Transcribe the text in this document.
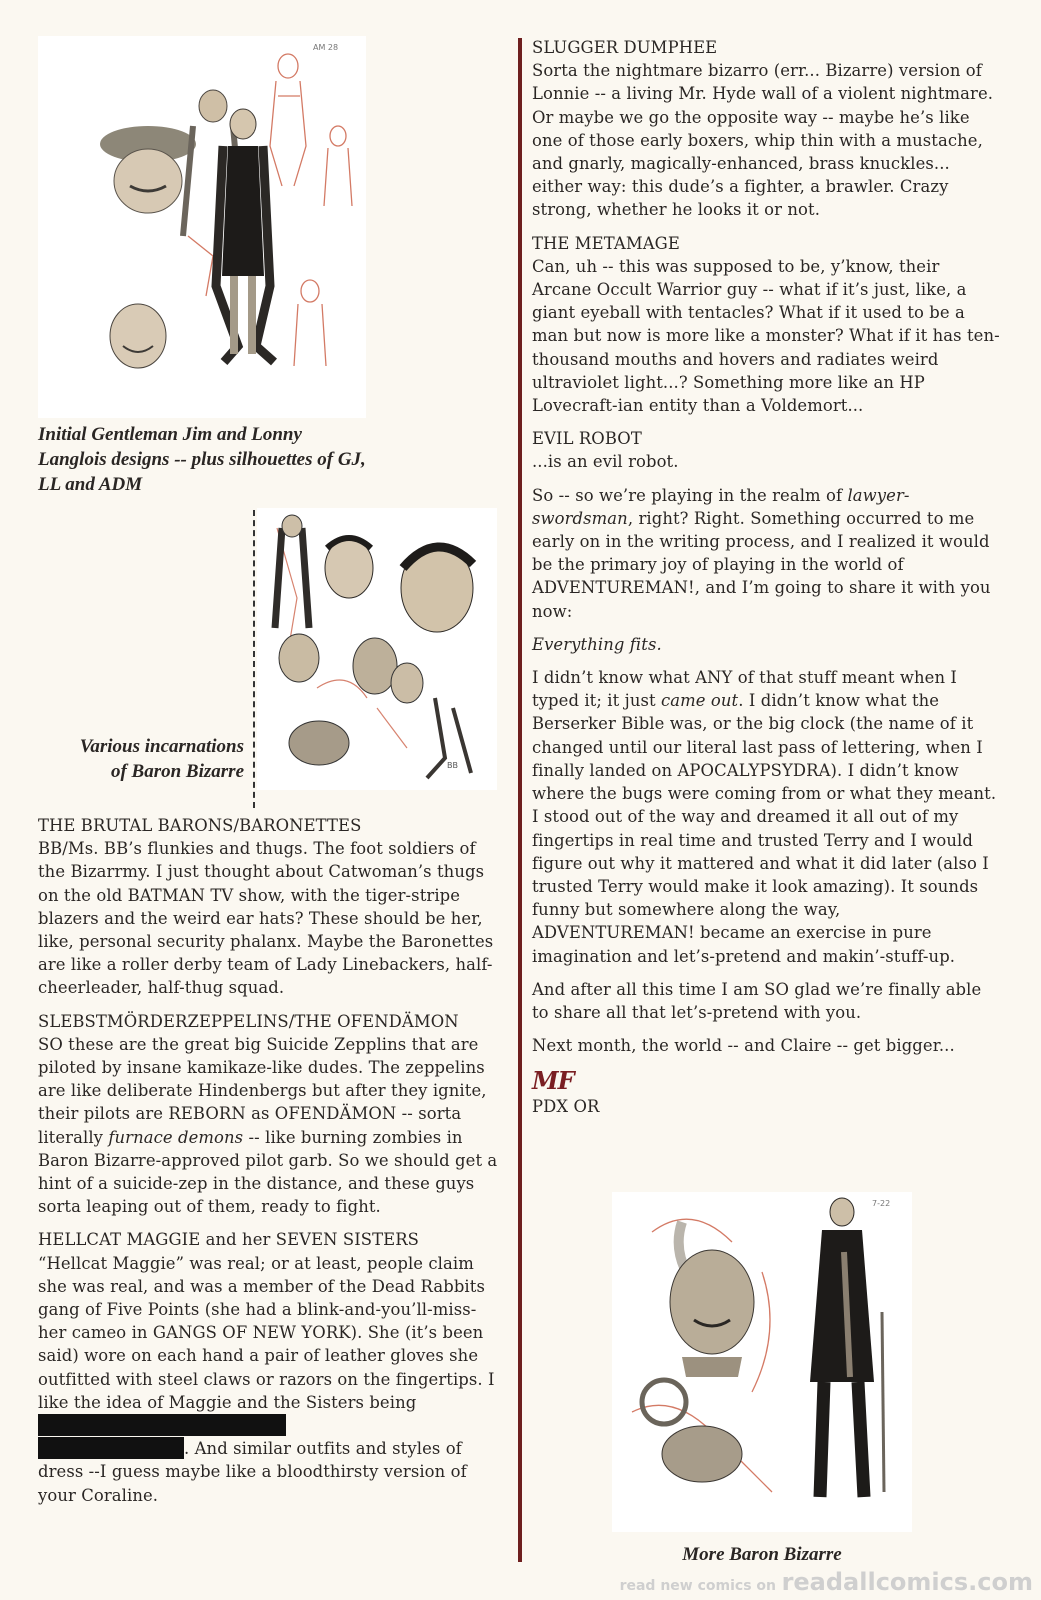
AM 28
Initial Gentleman Jim and Lonny Langlois designs -- plus silhouettes of GJ, LL and ADM
BB
Various incarnations
of Baron Bizarre

THE BRUTAL BARONS/BARONETTES

BB/Ms. BB’s flunkies and thugs. The foot soldiers of the Bizarrmy. I just thought about Catwoman’s thugs on the old BATMAN TV show, with the tiger-stripe blazers and the weird ear hats? These should be her, like, personal security phalanx. Maybe the Baronettes are like a roller derby team of Lady Linebackers, half-cheerleader, half-thug squad.

SLEBSTMÖRDERZEPPELINS/THE OFENDÄMON

SO these are the great big Suicide Zepplins that are piloted by insane kamikaze-like dudes. The zeppelins are like deliberate Hindenbergs but after they ignite, their pilots are REBORN as OFENDÄMON -- sorta literally furnace demons -- like burning zombies in Baron Bizarre-approved pilot garb. So we should get a hint of a suicide-zep in the distance, and these guys sorta leaping out of them, ready to fight.

HELLCAT MAGGIE and her SEVEN SISTERS

“Hellcat Maggie” was real; or at least, people claim she was real, and was a member of the Dead Rabbits gang of Five Points (she had a blink-and-you’ll-miss-her cameo in GANGS OF NEW YORK). She (it’s been said) wore on each hand a pair of leather gloves she outfitted with steel claws or razors on the fingertips. I like the idea of Maggie and the Sisters being
. And similar outfits and styles of dress --I guess maybe like a bloodthirsty version of your Coraline.

SLUGGER DUMPHEE

Sorta the nightmare bizarro (err... Bizarre) version of Lonnie -- a living Mr. Hyde wall of a violent nightmare. Or maybe we go the opposite way -- maybe he’s like one of those early boxers, whip thin with a mustache, and gnarly, magically-enhanced, brass knuckles... either way: this dude’s a fighter, a brawler. Crazy strong, whether he looks it or not.

THE METAMAGE

Can, uh -- this was supposed to be, y’know, their Arcane Occult Warrior guy -- what if it’s just, like, a giant eyeball with tentacles? What if it used to be a man but now is more like a monster? What if it has ten-thousand mouths and hovers and radiates weird ultraviolet light...? Something more like an HP Lovecraft-ian entity than a Voldemort...

EVIL ROBOT

...is an evil robot.

So -- so we’re playing in the realm of lawyer-swordsman, right? Right. Something occurred to me early on in the writing process, and I realized it would be the primary joy of playing in the world of ADVENTUREMAN!, and I’m going to share it with you now:

Everything fits.

I didn’t know what ANY of that stuff meant when I typed it; it just came out. I didn’t know what the Berserker Bible was, or the big clock (the name of it changed until our literal last pass of lettering, when I finally landed on APOCALYPSYDRA). I didn’t know where the bugs were coming from or what they meant. I stood out of the way and dreamed it all out of my fingertips in real time and trusted Terry and I would figure out why it mattered and what it did later (also I trusted Terry would make it look amazing). It sounds funny but somewhere along the way, ADVENTUREMAN! became an exercise in pure imagination and let’s-pretend and makin’-stuff-up.

And after all this time I am SO glad we’re finally able to share all that let’s-pretend with you.

Next month, the world -- and Claire -- get bigger...

MF

PDX OR

7-22
More Baron Bizarre
read new comics on readallcomics.com
